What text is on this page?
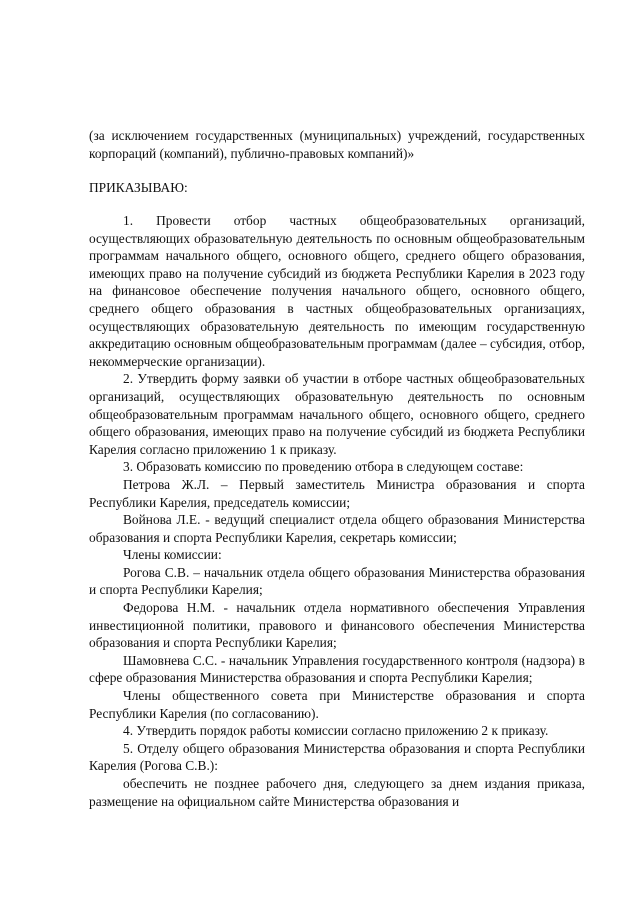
(за исключением государственных (муниципальных) учреждений, государственных корпораций (компаний), публично-правовых компаний)»

ПРИКАЗЫВАЮ:

1. Провести отбор частных общеобразовательных организаций, осуществляющих образовательную деятельность по основным общеобразовательным программам начального общего, основного общего, среднего общего образования, имеющих право на получение субсидий из бюджета Республики Карелия в 2023 году на финансовое обеспечение получения начального общего, основного общего, среднего общего образования в частных общеобразовательных организациях, осуществляющих образовательную деятельность по имеющим государственную аккредитацию основным общеобразовательным программам (далее – субсидия, отбор, некоммерческие организации).

2. Утвердить форму заявки об участии в отборе частных общеобразовательных организаций, осуществляющих образовательную деятельность по основным общеобразовательным программам начального общего, основного общего, среднего общего образования, имеющих право на получение субсидий из бюджета Республики Карелия согласно приложению 1 к приказу.

3. Образовать комиссию по проведению отбора в следующем составе:

Петрова Ж.Л. – Первый заместитель Министра образования и спорта Республики Карелия, председатель комиссии;

Войнова Л.Е. - ведущий специалист отдела общего образования Министерства образования и спорта Республики Карелия, секретарь комиссии;

Члены комиссии:

Рогова С.В. – начальник отдела общего образования Министерства образования и спорта Республики Карелия;

Федорова Н.М. - начальник отдела нормативного обеспечения Управления инвестиционной политики, правового и финансового обеспечения Министерства образования и спорта Республики Карелия;

Шамовнева С.С. - начальник Управления государственного контроля (надзора) в сфере образования Министерства образования и спорта Республики Карелия;

Члены общественного совета при Министерстве образования и спорта Республики Карелия (по согласованию).

4. Утвердить порядок работы комиссии согласно приложению 2 к приказу.

5. Отделу общего образования Министерства образования и спорта Республики Карелия (Рогова С.В.):

обеспечить не позднее рабочего дня, следующего за днем издания приказа, размещение на официальном сайте Министерства образования и
